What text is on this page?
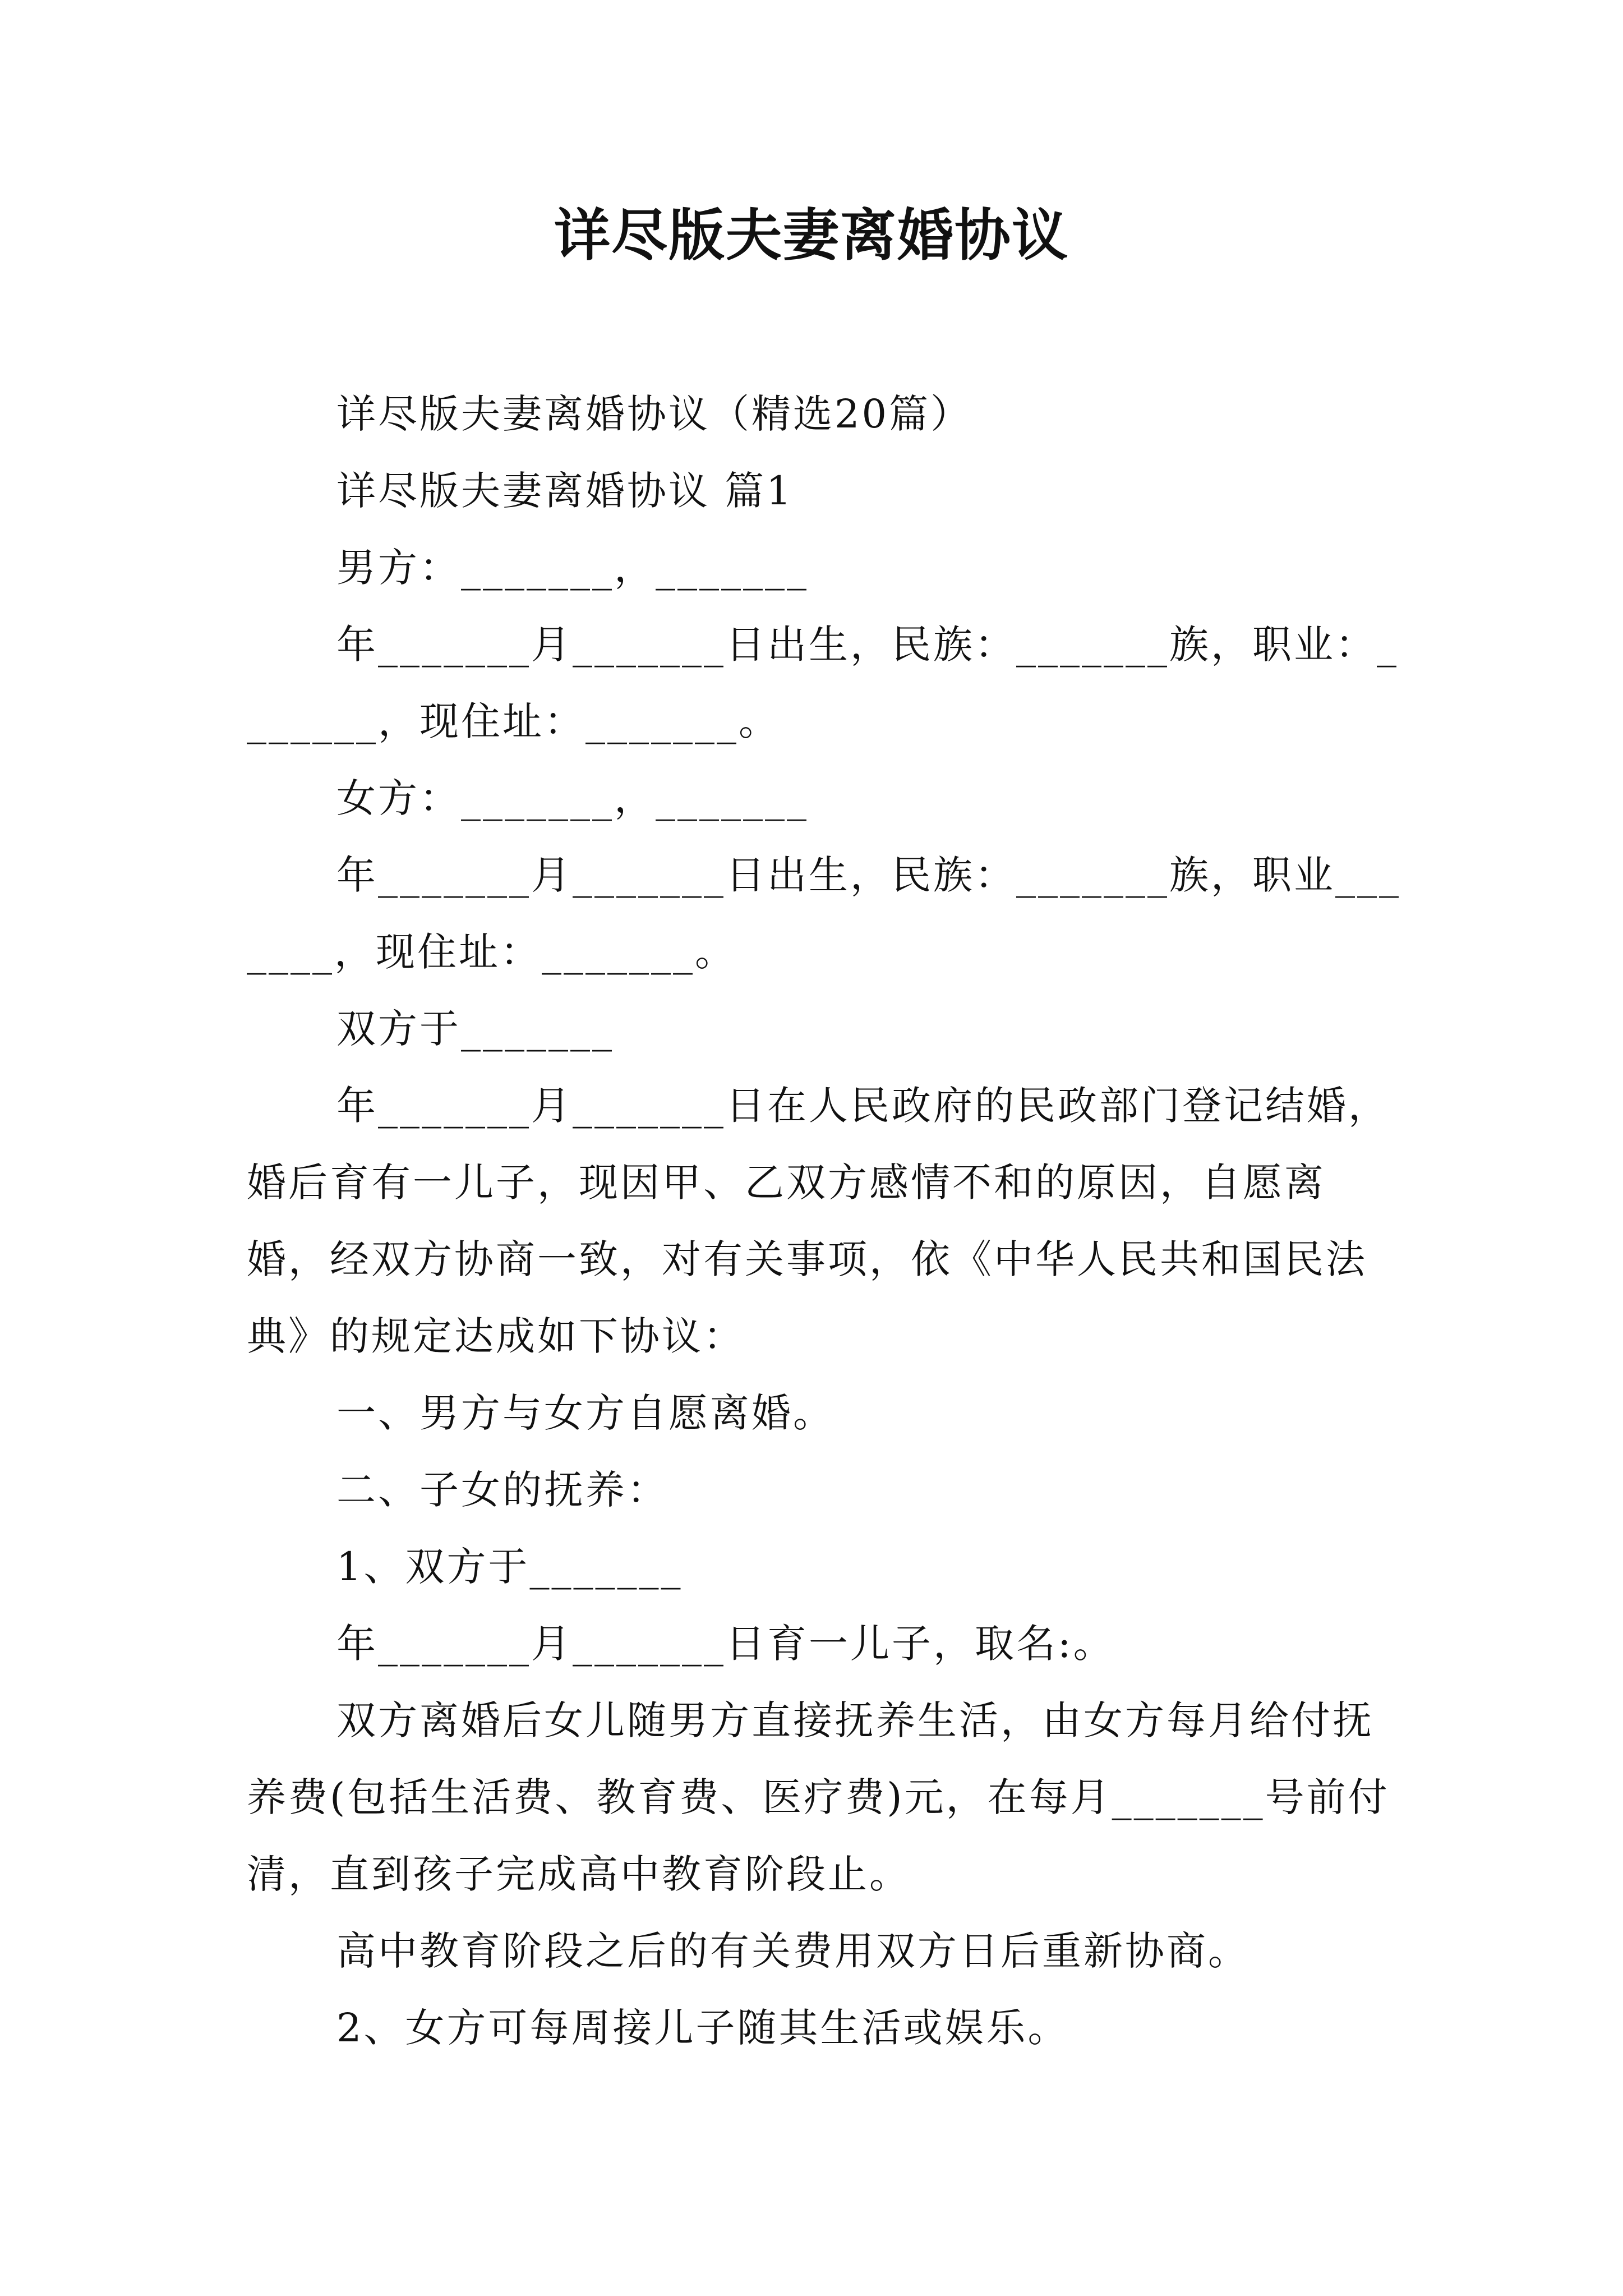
详尽版夫妻离婚协议

详尽版夫妻离婚协议（精选20篇）

详尽版夫妻离婚协议 篇1

男方：_______，_______

年_______月_______日出生，民族：_______族，职业：_______，现住址：_______。

女方：_______，_______

年_______月_______日出生，民族：_______族，职业_______，现住址：_______。

双方于_______

年_______月_______日在人民政府的民政部门登记结婚，婚后育有一儿子，现因甲、乙双方感情不和的原因，自愿离婚，经双方协商一致，对有关事项，依《中华人民共和国民法典》的规定达成如下协议：

一、男方与女方自愿离婚。

二、子女的抚养：

1、双方于_______

年_______月_______日育一儿子，取名:。

双方离婚后女儿随男方直接抚养生活，由女方每月给付抚养费(包括生活费、教育费、医疗费)元，在每月_______号前付清，直到孩子完成高中教育阶段止。

高中教育阶段之后的有关费用双方日后重新协商。

2、女方可每周接儿子随其生活或娱乐。
